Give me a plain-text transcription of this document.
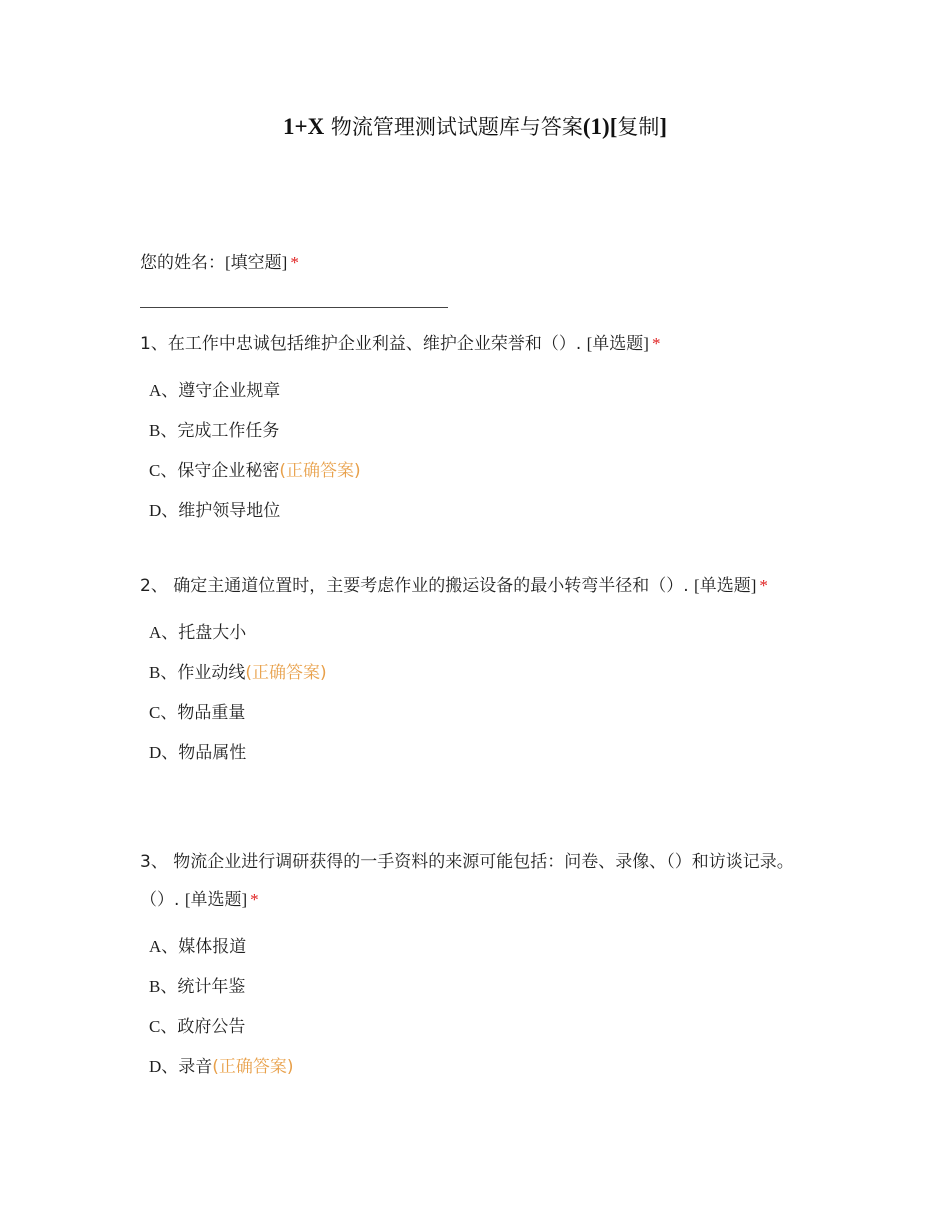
1+X 物流管理测试试题库与答案(1)[复制]
您的姓名：[填空题] *
1、在工作中忠诚包括维护企业利益、维护企业荣誉和（）. [单选题] *
A、遵守企业规章
B、完成工作任务
C、保守企业秘密(正确答案)
D、维护领导地位
2、 确定主通道位置时，主要考虑作业的搬运设备的最小转弯半径和（）. [单选题] *
A、托盘大小
B、作业动线(正确答案)
C、物品重量
D、物品属性
3、 物流企业进行调研获得的一手资料的来源可能包括：问卷、录像、（）和访谈记录。（）. [单选题] *
A、媒体报道
B、统计年鉴
C、政府公告
D、录音(正确答案)
